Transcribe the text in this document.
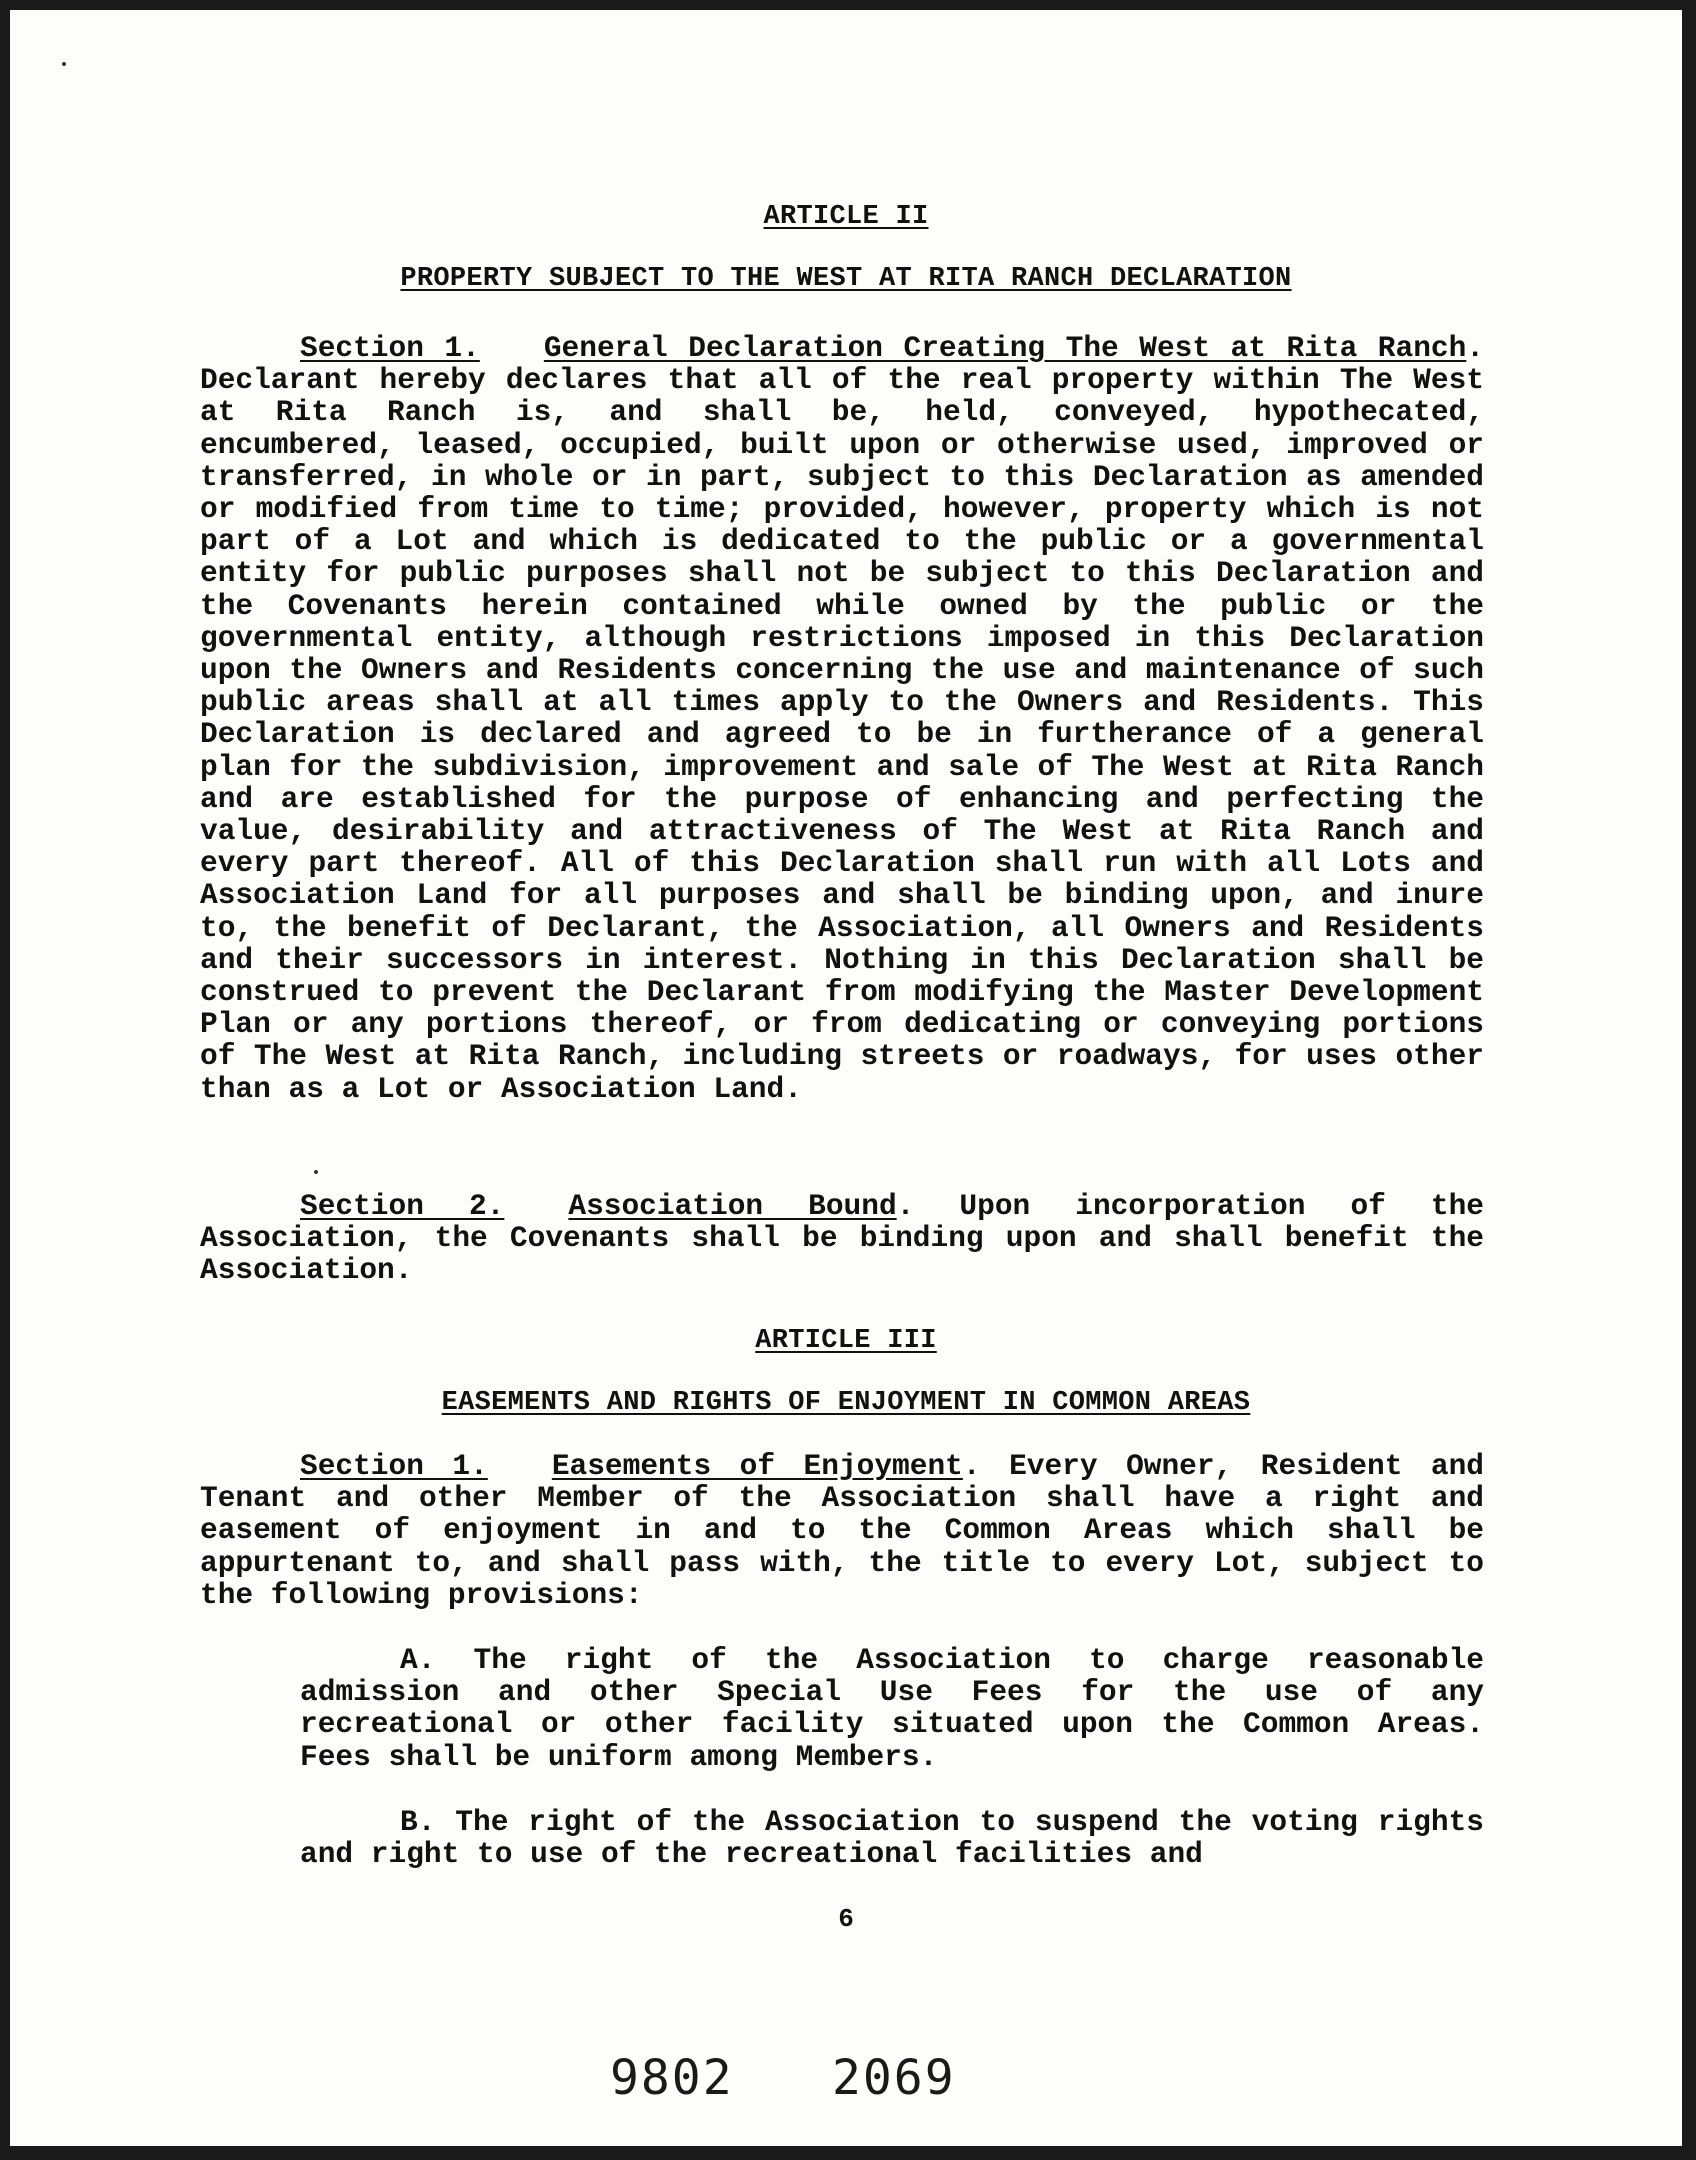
ARTICLE II
PROPERTY SUBJECT TO THE WEST AT RITA RANCH DECLARATION

Section 1. General Declaration Creating The West at Rita Ranch. Declarant hereby declares that all of the real property within The West at Rita Ranch is, and shall be, held, conveyed, hypothecated, encumbered, leased, occupied, built upon or otherwise used, improved or transferred, in whole or in part, subject to this Declaration as amended or modified from time to time; provided, however, property which is not part of a Lot and which is dedicated to the public or a governmental entity for public purposes shall not be subject to this Declaration and the Covenants herein contained while owned by the public or the governmental entity, although restrictions imposed in this Declaration upon the Owners and Residents concerning the use and maintenance of such public areas shall at all times apply to the Owners and Residents. This Declaration is declared and agreed to be in furtherance of a general plan for the subdivision, improvement and sale of The West at Rita Ranch and are established for the purpose of enhancing and perfecting the value, desirability and attractiveness of The West at Rita Ranch and every part thereof. All of this Declaration shall run with all Lots and Association Land for all purposes and shall be binding upon, and inure to, the benefit of Declarant, the Association, all Owners and Residents and their successors in interest. Nothing in this Declaration shall be construed to prevent the Declarant from modifying the Master Development Plan or any portions thereof, or from dedicating or conveying portions of The West at Rita Ranch, including streets or roadways, for uses other than as a Lot or Association Land.

Section 2. Association Bound. Upon incorporation of the Association, the Covenants shall be binding upon and shall benefit the Association.

ARTICLE III
EASEMENTS AND RIGHTS OF ENJOYMENT IN COMMON AREAS

Section 1. Easements of Enjoyment. Every Owner, Resident and Tenant and other Member of the Association shall have a right and easement of enjoyment in and to the Common Areas which shall be appurtenant to, and shall pass with, the title to every Lot, subject to the following provisions:

A. The right of the Association to charge reasonable admission and other Special Use Fees for the use of any recreational or other facility situated upon the Common Areas. Fees shall be uniform among Members.

B. The right of the Association to suspend the voting rights and right to use of the recreational facilities and

6
9802 2069
